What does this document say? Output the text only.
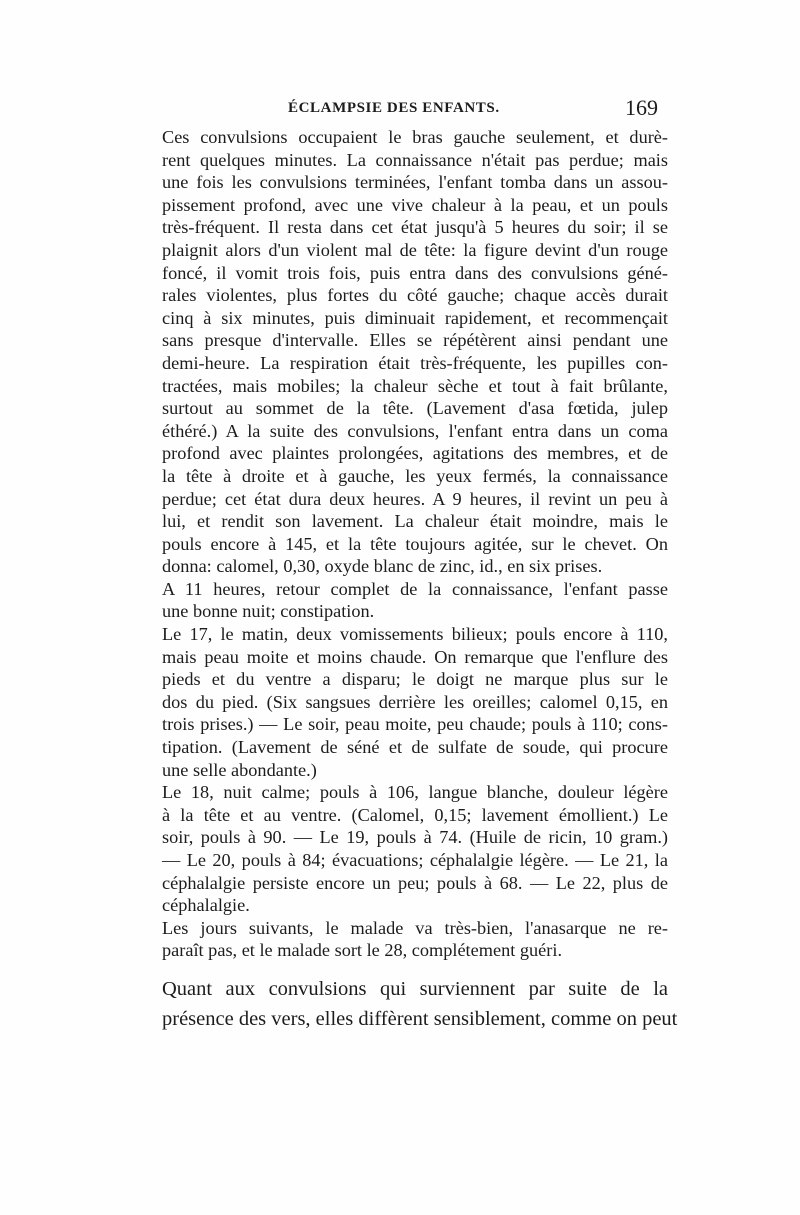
ÉCLAMPSIE DES ENFANTS.	169
Ces convulsions occupaient le bras gauche seulement, et durè-
rent quelques minutes. La connaissance n'était pas perdue; mais
une fois les convulsions terminées, l'enfant tomba dans un assou-
pissement profond, avec une vive chaleur à la peau, et un pouls
très-fréquent. Il resta dans cet état jusqu'à 5 heures du soir; il se
plaignit alors d'un violent mal de tête: la figure devint d'un rouge
foncé, il vomit trois fois, puis entra dans des convulsions géné-
rales violentes, plus fortes du côté gauche; chaque accès durait
cinq à six minutes, puis diminuait rapidement, et recommençait
sans presque d'intervalle. Elles se répétèrent ainsi pendant une
demi-heure. La respiration était très-fréquente, les pupilles con-
tractées, mais mobiles; la chaleur sèche et tout à fait brûlante,
surtout au sommet de la tête. (Lavement d'asa fœtida, julep
éthéré.) A la suite des convulsions, l'enfant entra dans un coma
profond avec plaintes prolongées, agitations des membres, et de
la tête à droite et à gauche, les yeux fermés, la connaissance
perdue; cet état dura deux heures. A 9 heures, il revint un peu à
lui, et rendit son lavement. La chaleur était moindre, mais le
pouls encore à 145, et la tête toujours agitée, sur le chevet. On
donna: calomel, 0,30, oxyde blanc de zinc, id., en six prises.
A 11 heures, retour complet de la connaissance, l'enfant passe
une bonne nuit; constipation.
Le 17, le matin, deux vomissements bilieux; pouls encore à 110,
mais peau moite et moins chaude. On remarque que l'enflure des
pieds et du ventre a disparu; le doigt ne marque plus sur le
dos du pied. (Six sangsues derrière les oreilles; calomel 0,15, en
trois prises.) — Le soir, peau moite, peu chaude; pouls à 110; cons-
tipation. (Lavement de séné et de sulfate de soude, qui procure
une selle abondante.)
Le 18, nuit calme; pouls à 106, langue blanche, douleur légère
à la tête et au ventre. (Calomel, 0,15; lavement émollient.) Le
soir, pouls à 90. — Le 19, pouls à 74. (Huile de ricin, 10 gram.)
— Le 20, pouls à 84; évacuations; céphalalgie légère. — Le 21, la
céphalalgie persiste encore un peu; pouls à 68. — Le 22, plus de
céphalalgie.
Les jours suivants, le malade va très-bien, l'anasarque ne re-
paraît pas, et le malade sort le 28, complétement guéri.
Quant aux convulsions qui surviennent par suite de la
présence des vers, elles diffèrent sensiblement, comme on peut
